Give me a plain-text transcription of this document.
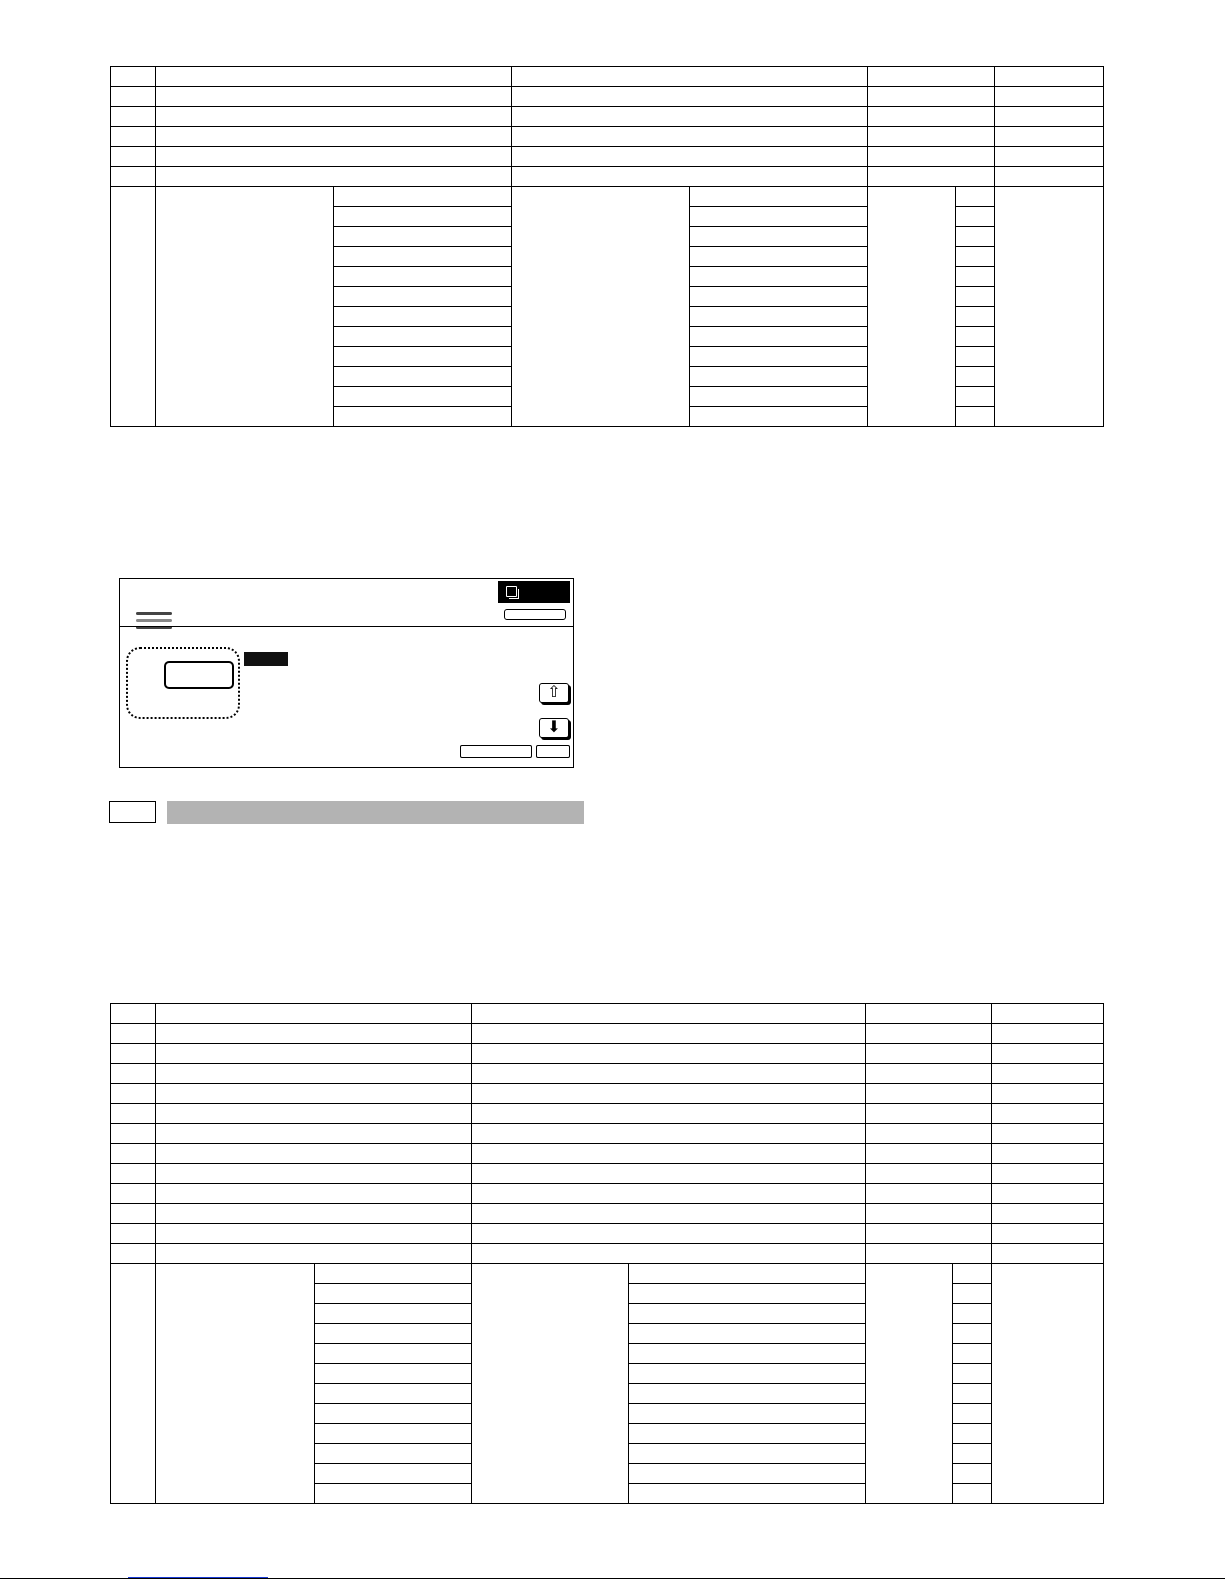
⇧
⬇
